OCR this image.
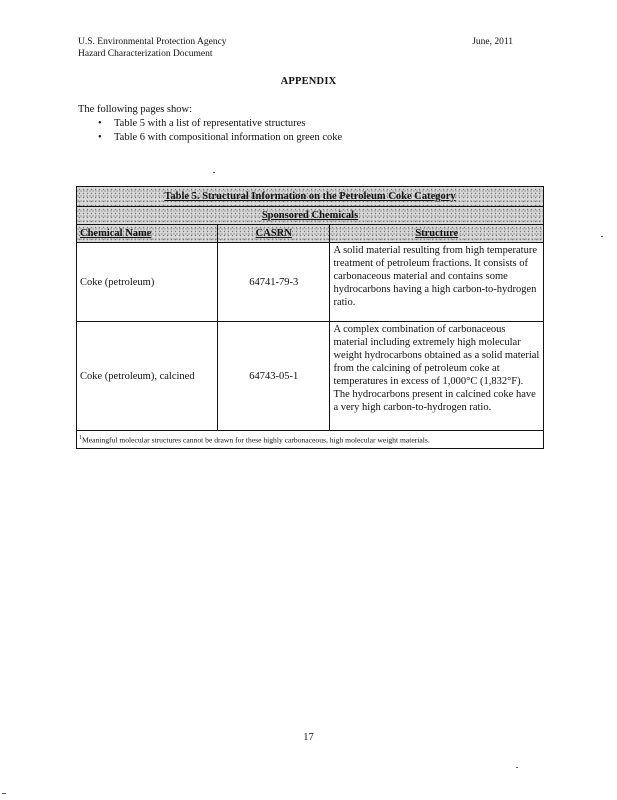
U.S. Environmental Protection Agency
Hazard Characterization Document
June, 2011
APPENDIX
The following pages show:
• Table 5 with a list of representative structures
• Table 6 with compositional information on green coke
Table 5. Structural Information on the Petroleum Coke Category		
Sponsored Chemicals		
Chemical Name	CASRN	Structure
Coke (petroleum)	64741-79-3	A solid material resulting from high temperature treatment of petroleum fractions. It consists of carbonaceous material and contains some hydrocarbons having a high carbon-to-hydrogen ratio.
Coke (petroleum), calcined	64743-05-1	A complex combination of carbonaceous material including extremely high molecular weight hydrocarbons obtained as a solid material from the calcining of petroleum coke at temperatures in excess of 1,000°C (1,832°F). The hydrocarbons present in calcined coke have a very high carbon-to-hydrogen ratio.
$^1$Meaningful molecular structures cannot be drawn for these highly carbonaceous, high molecular weight materials.		
17
